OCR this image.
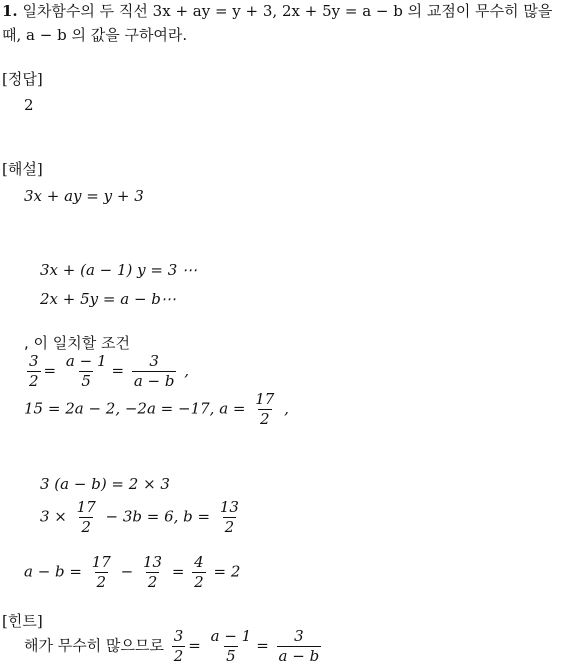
1. 일차함수의 두 직선 3x + ay = y + 3, 2x + 5y = a − b 의 교점이 무수히 많을
때, a − b 의 값을 구하여라.
[정답]
2
[해설]
3x + ay = y + 3
3x + (a − 1) y = 3 ⋯
2x + 5y = a − b⋯
, 이 일치할 조건
$\frac{3}{2} = \frac{a - 1}{5} = \frac{3}{a - b}$ ,
15 = 2a − 2, −2a = −17, $a = \frac{17}{2}$ ,
3 (a − b) = 2 × 3
$3 \times \frac{17}{2} - 3b = 6$, $b = \frac{13}{2}$
$a - b = \frac{17}{2} - \frac{13}{2} = \frac{4}{2} = 2$
[힌트]
해가 무수히 많으므로 $\frac{3}{2} = \frac{a - 1}{5} = \frac{3}{a - b}$
